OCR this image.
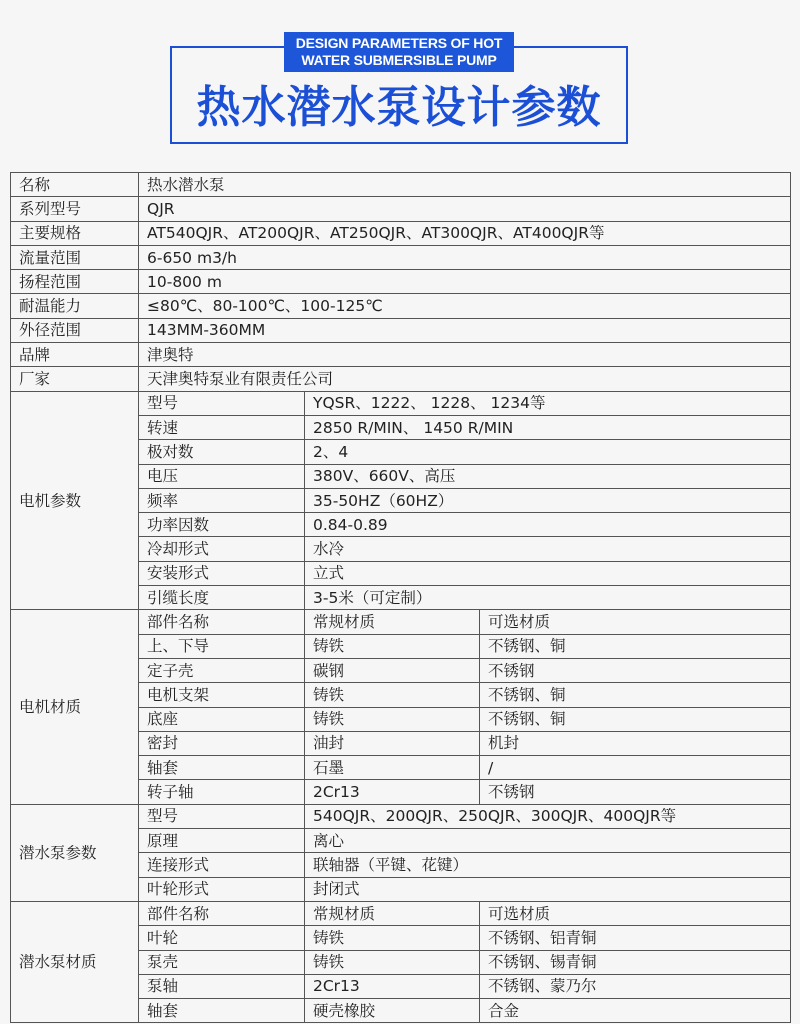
DESIGN PARAMETERS OF HOT
WATER SUBMERSIBLE PUMP
热水潜水泵设计参数
名称	热水潜水泵		
系列型号	QJR		
主要规格	AT540QJR、AT200QJR、AT250QJR、AT300QJR、AT400QJR等		
流量范围	6-650 m3/h		
扬程范围	10-800 m		
耐温能力	≤80℃、80-100℃、100-125℃		
外径范围	143MM-360MM		
品牌	津奥特		
厂家	天津奥特泵业有限责任公司		
电机参数	型号	YQSR、1222、 1228、 1234等	
	转速	2850 R/MIN、 1450 R/MIN	
	极对数	2、4	
	电压	380V、660V、高压	
	频率	35-50HZ（60HZ）	
	功率因数	0.84-0.89	
	冷却形式	水冷	
	安装形式	立式	
	引缆长度	3-5米（可定制）	
电机材质	部件名称	常规材质	可选材质
	上、下导	铸铁	不锈钢、铜
	定子壳	碳钢	不锈钢
	电机支架	铸铁	不锈钢、铜
	底座	铸铁	不锈钢、铜
	密封	油封	机封
	轴套	石墨	/
	转子轴	2Cr13	不锈钢
潜水泵参数	型号	540QJR、200QJR、250QJR、300QJR、400QJR等	
	原理	离心	
	连接形式	联轴器（平键、花键）	
	叶轮形式	封闭式	
潜水泵材质	部件名称	常规材质	可选材质
	叶轮	铸铁	不锈钢、铝青铜
	泵壳	铸铁	不锈钢、锡青铜
	泵轴	2Cr13	不锈钢、蒙乃尔
	轴套	硬壳橡胶	合金
